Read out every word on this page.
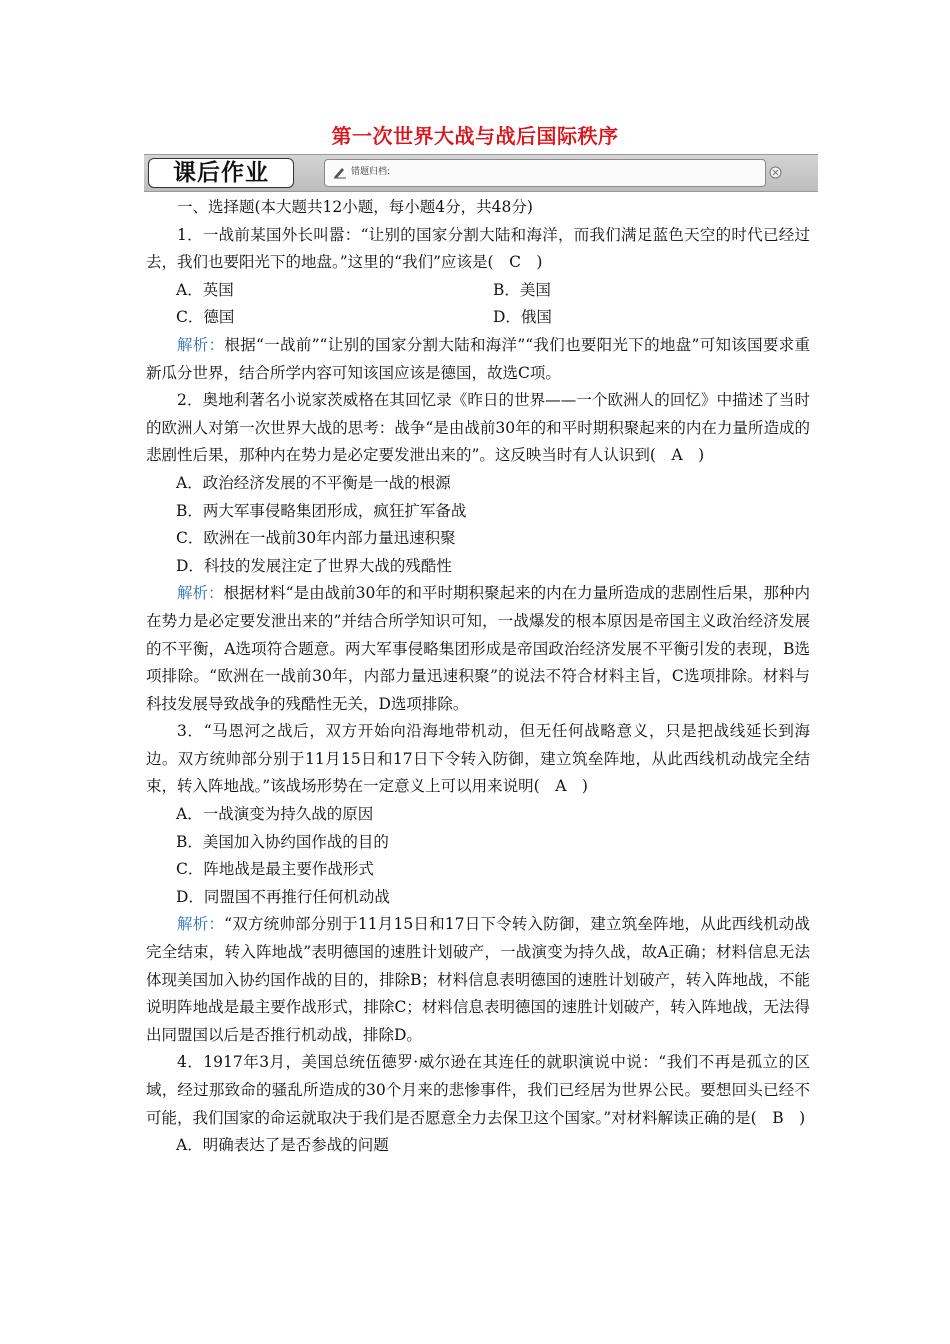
第一次世界大战与战后国际秩序
课后作业	错题归档:

一、选择题(本大题共12小题，每小题4分，共48分)

1．一战前某国外长叫嚣：“让别的国家分割大陆和海洋，而我们满足蓝色天空的时代已经过去，我们也要阳光下的地盘。”这里的“我们”应该是(　C　)

A．英国	B．美国
C．德国	D．俄国

解析：根据“一战前”“让别的国家分割大陆和海洋”“我们也要阳光下的地盘”可知该国要求重新瓜分世界，结合所学内容可知该国应该是德国，故选C项。

2．奥地利著名小说家茨威格在其回忆录《昨日的世界——一个欧洲人的回忆》中描述了当时的欧洲人对第一次世界大战的思考：战争“是由战前30年的和平时期积聚起来的内在力量所造成的悲剧性后果，那种内在势力是必定要发泄出来的”。这反映当时有人认识到(　A　)

A．政治经济发展的不平衡是一战的根源
B．两大军事侵略集团形成，疯狂扩军备战
C．欧洲在一战前30年内部力量迅速积聚
D．科技的发展注定了世界大战的残酷性

解析：根据材料“是由战前30年的和平时期积聚起来的内在力量所造成的悲剧性后果，那种内在势力是必定要发泄出来的”并结合所学知识可知，一战爆发的根本原因是帝国主义政治经济发展的不平衡，A选项符合题意。两大军事侵略集团形成是帝国政治经济发展不平衡引发的表现，B选项排除。“欧洲在一战前30年，内部力量迅速积聚”的说法不符合材料主旨，C选项排除。材料与科技发展导致战争的残酷性无关，D选项排除。

3．“马恩河之战后，双方开始向沿海地带机动，但无任何战略意义，只是把战线延长到海边。双方统帅部分别于11月15日和17日下令转入防御，建立筑垒阵地，从此西线机动战完全结束，转入阵地战。”该战场形势在一定意义上可以用来说明(　A　)

A．一战演变为持久战的原因
B．美国加入协约国作战的目的
C．阵地战是最主要作战形式
D．同盟国不再推行任何机动战

解析：“双方统帅部分别于11月15日和17日下令转入防御，建立筑垒阵地，从此西线机动战完全结束，转入阵地战”表明德国的速胜计划破产，一战演变为持久战，故A正确；材料信息无法体现美国加入协约国作战的目的，排除B；材料信息表明德国的速胜计划破产，转入阵地战，不能说明阵地战是最主要作战形式，排除C；材料信息表明德国的速胜计划破产，转入阵地战，无法得出同盟国以后是否推行机动战，排除D。

4．1917年3月，美国总统伍德罗·威尔逊在其连任的就职演说中说：“我们不再是孤立的区域，经过那致命的骚乱所造成的30个月来的悲惨事件，我们已经居为世界公民。要想回头已经不可能，我们国家的命运就取决于我们是否愿意全力去保卫这个国家。”对材料解读正确的是(　B　)

A．明确表达了是否参战的问题
